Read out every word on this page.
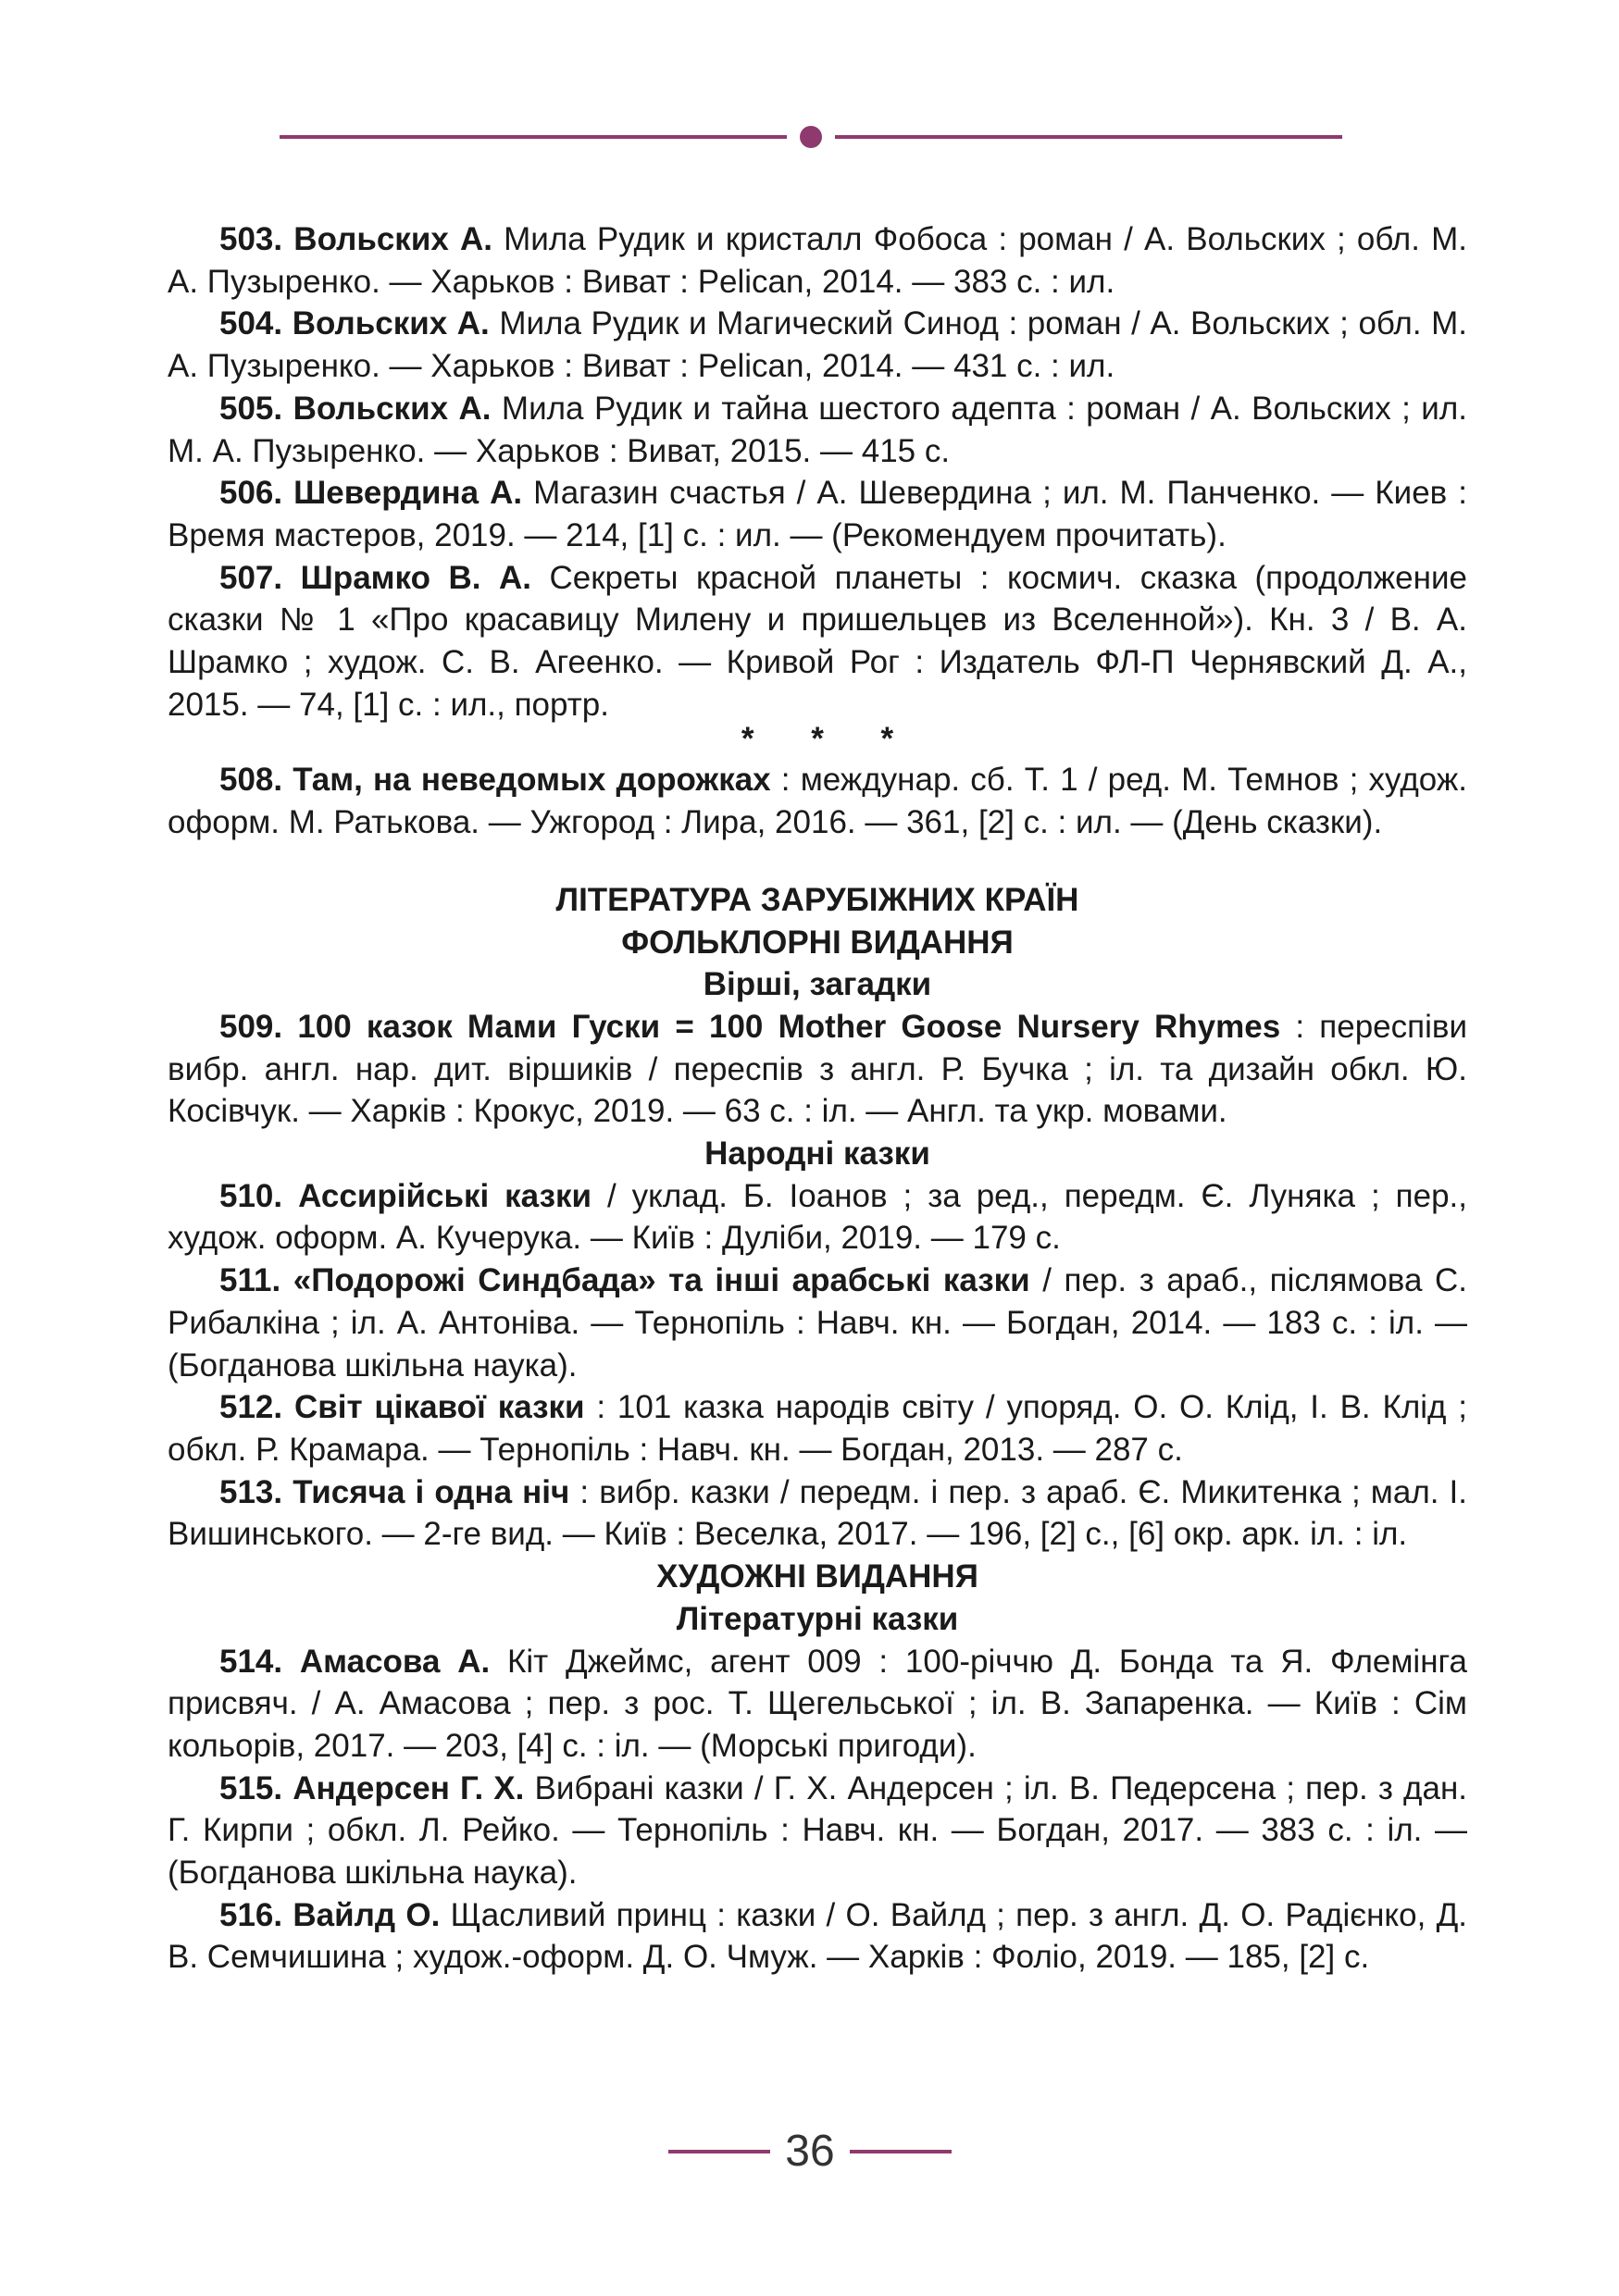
503. Вольских А. Мила Рудик и кристалл Фобоса : роман / А. Вольских ; обл. М. А. Пузыренко. — Харьков : Виват : Pelican, 2014. — 383 с. : ил.

504. Вольских А. Мила Рудик и Магический Синод : роман / А. Вольских ; обл. М. А. Пузыренко. — Харьков : Виват : Pelican, 2014. — 431 с. : ил.

505. Вольских А. Мила Рудик и тайна шестого адепта : роман / А. Вольских ; ил. М. А. Пузыренко. — Харьков : Виват, 2015. — 415 с.

506. Шевердина А. Магазин счастья / А. Шевердина ; ил. М. Панченко. — Киев : Время мастеров, 2019. — 214, [1] с. : ил. — (Рекомендуем прочитать).

507. Шрамко В. А. Секреты красной планеты : космич. сказка (продолжение сказки № 1 «Про красавицу Милену и пришельцев из Вселенной»). Кн. 3 / В. А. Шрамко ; худож. С. В. Агеенко. — Кривой Рог : Издатель ФЛ-П Чернявский Д. А., 2015. — 74, [1] с. : ил., портр.

* * *

508. Там, на неведомых дорожках : междунар. сб. Т. 1 / ред. М. Темнов ; худож. оформ. М. Ратькова. — Ужгород : Лира, 2016. — 361, [2] с. : ил. — (День сказки).

ЛІТЕРАТУРА ЗАРУБІЖНИХ КРАЇН

ФОЛЬКЛОРНІ ВИДАННЯ

Вірші, загадки

509. 100 казок Мами Гуски = 100 Mother Goose Nursery Rhymes : переспіви вибр. англ. нар. дит. віршиків / переспів з англ. Р. Бучка ; іл. та дизайн обкл. Ю. Косівчук. — Харків : Крокус, 2019. — 63 с. : іл. — Англ. та укр. мовами.

Народні казки

510. Ассирійські казки / уклад. Б. Іоанов ; за ред., передм. Є. Луняка ; пер., худож. оформ. А. Кучерука. — Київ : Дуліби, 2019. — 179 с.

511. «Подорожі Синдбада» та інші арабські казки / пер. з араб., післямова С. Рибалкіна ; іл. А. Антоніва. — Тернопіль : Навч. кн. — Богдан, 2014. — 183 с. : іл. — (Богданова шкільна наука).

512. Світ цікавої казки : 101 казка народів світу / упоряд. О. О. Клід, І. В. Клід ; обкл. Р. Крамара. — Тернопіль : Навч. кн. — Богдан, 2013. — 287 с.

513. Тисяча і одна ніч : вибр. казки / передм. і пер. з араб. Є. Микитенка ; мал. І. Вишинського. — 2-ге вид. — Київ : Веселка, 2017. — 196, [2] с., [6] окр. арк. іл. : іл.

ХУДОЖНІ ВИДАННЯ

Літературні казки

514. Амасова А. Кіт Джеймс, агент 009 : 100-річчю Д. Бонда та Я. Флемінга присвяч. / А. Амасова ; пер. з рос. Т. Щегельської ; іл. В. Запаренка. — Київ : Сім кольорів, 2017. — 203, [4] с. : іл. — (Морські пригоди).

515. Андерсен Г. Х. Вибрані казки / Г. Х. Андерсен ; іл. В. Педерсена ; пер. з дан. Г. Кирпи ; обкл. Л. Рейко. — Тернопіль : Навч. кн. — Богдан, 2017. — 383 с. : іл. — (Богданова шкільна наука).

516. Вайлд О. Щасливий принц : казки / О. Вайлд ; пер. з англ. Д. О. Радієнко, Д. В. Семчишина ; худож.-оформ. Д. О. Чмуж. — Харків : Фоліо, 2019. — 185, [2] с.

36
